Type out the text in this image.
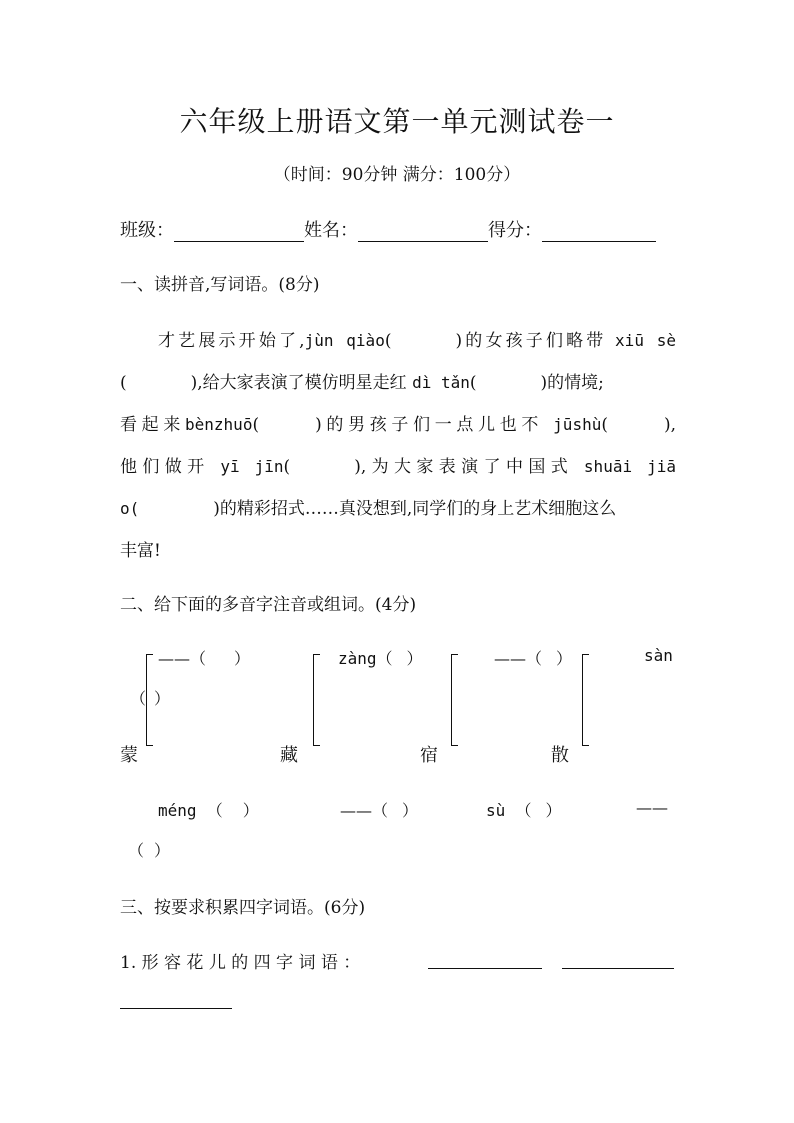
六年级上册语文第一单元测试卷一
（时间：90分钟 满分：100分）
班级：	姓名：	得分：
一、读拼音,写词语。(8分)
才艺展示开始了,jùn qiào(	)的女孩子们略带 xiū sè
(	),给大家表演了模仿明星走红 dì tǎn(	)的情境;
看起来bènzhuō(	)的男孩子们一点儿也不 jūshù(	),
他们做开 yī jīn(	),为大家表演了中国式 shuāi jiā
o(	)的精彩招式……真没想到,同学们的身上艺术细胞这么
丰富!
二、给下面的多音字注音或组词。(4分)
——（ ）	zàng（ ）	——（ ）	sàn
（ ）
蒙	藏	宿	散
méng （ ）	——（ ）	sù （ ）	——
（ ）
三、按要求积累四字词语。(6分)
1. 形 容 花 儿 的 四 字 词 语 ：
